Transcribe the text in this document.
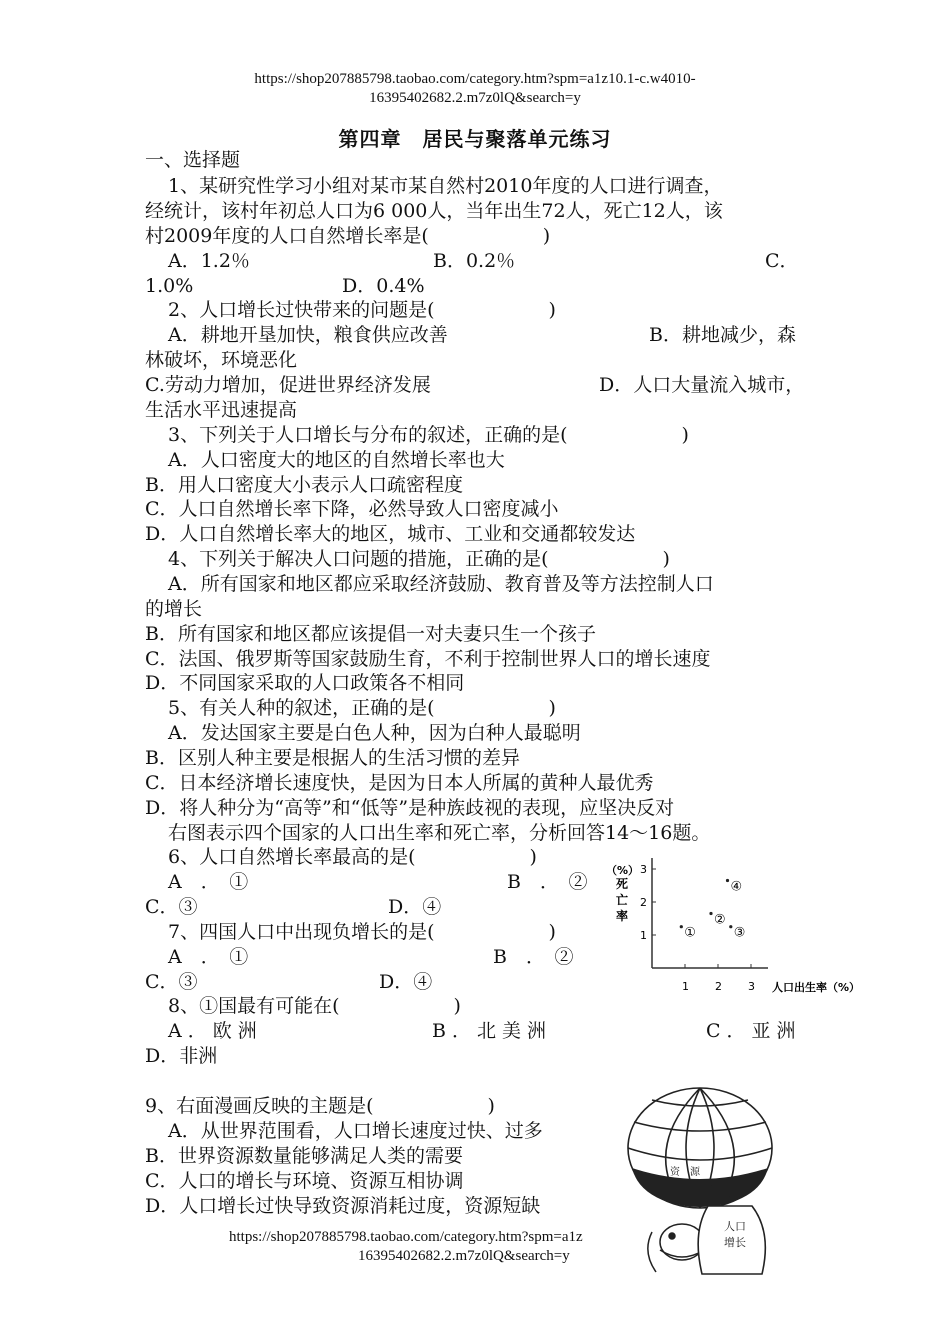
https://shop207885798.taobao.com/category.htm?spm=a1z10.1-c.w4010-
16395402682.2.m7z0lQ&search=y
第四章　居民与聚落单元练习
一、选择题
1、某研究性学习小组对某市某自然村2010年度的人口进行调查，
经统计，该村年初总人口为6 000人，当年出生72人，死亡12人，该
村2009年度的人口自然增长率是(　　　　　　)
A．1.2％	B．0.2％	C．
1.0%	D．0.4%
2、人口增长过快带来的问题是(　　　　　　)
A．耕地开垦加快，粮食供应改善	B．耕地减少，森
林破坏，环境恶化
C.劳动力增加，促进世界经济发展	D．人口大量流入城市，
生活水平迅速提高
3、下列关于人口增长与分布的叙述，正确的是(　　　　　　)
A．人口密度大的地区的自然增长率也大
B．用人口密度大小表示人口疏密程度
C．人口自然增长率下降，必然导致人口密度减小
D．人口自然增长率大的地区，城市、工业和交通都较发达
4、下列关于解决人口问题的措施，正确的是(　　　　　　)
A．所有国家和地区都应采取经济鼓励、教育普及等方法控制人口
的增长
B．所有国家和地区都应该提倡一对夫妻只生一个孩子
C．法国、俄罗斯等国家鼓励生育，不利于控制世界人口的增长速度
D．不同国家采取的人口政策各不相同
5、有关人种的叙述，正确的是(　　　　　　)
A．发达国家主要是白色人种，因为白种人最聪明
B．区别人种主要是根据人的生活习惯的差异
C．日本经济增长速度快，是因为日本人所属的黄种人最优秀
D．将人种分为“高等”和“低等”是种族歧视的表现，应坚决反对
右图表示四个国家的人口出生率和死亡率，分析回答14～16题。
6、人口自然增长率最高的是(　　　　　　)
A　．　①	B　．　②
C．③	D．④
7、四国人口中出现负增长的是(　　　　　　)
A　．　①	B　．　②
C．③	D．④
8、①国最有可能在(　　　　　　)
A．欧洲	B．北美洲	C．亚洲
D．非洲
9、右面漫画反映的主题是(　　　　　　)
A．从世界范围看，人口增长速度过快、过多
B．世界资源数量能够满足人类的需要
C．人口的增长与环境、资源互相协调
D．人口增长过快导致资源消耗过度，资源短缺
https://shop207885798.taobao.com/category.htm?spm=a1z
16395402682.2.m7z0lQ&search=y
（%）
死
亡
率
人口出生率（%）
1 2 3
1
2
3
①
②
③
④
资　源
人口
增长
